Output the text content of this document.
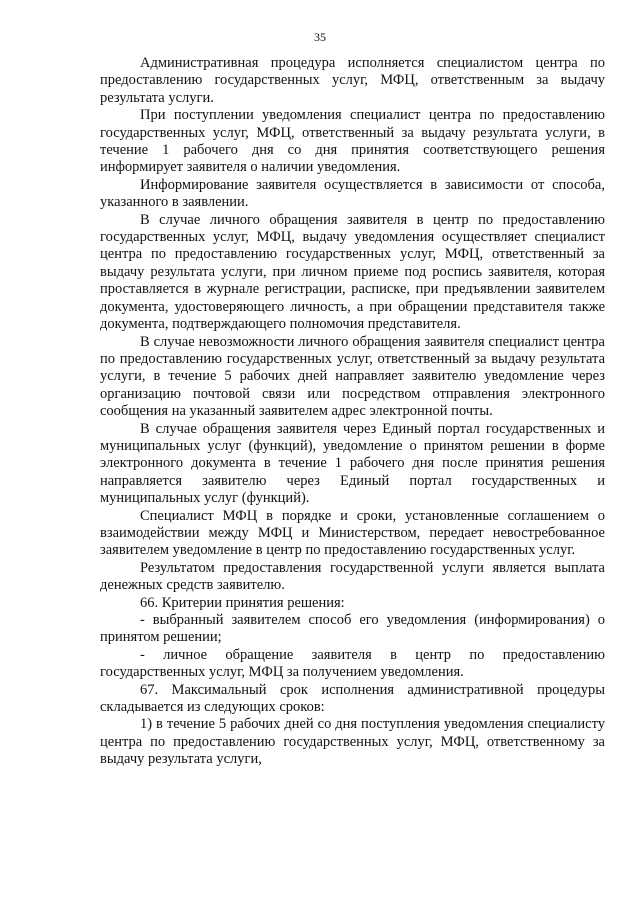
35

Административная процедура исполняется специалистом центра по предоставлению государственных услуг, МФЦ, ответственным за выдачу результата услуги.

При поступлении уведомления специалист центра по предоставлению государственных услуг, МФЦ, ответственный за выдачу результата услуги, в течение 1 рабочего дня со дня принятия соответствующего решения информирует заявителя о наличии уведомления.

Информирование заявителя осуществляется в зависимости от способа, указанного в заявлении.

В случае личного обращения заявителя в центр по предоставлению государственных услуг, МФЦ, выдачу уведомления осуществляет специалист центра по предоставлению государственных услуг, МФЦ, ответственный за выдачу результата услуги, при личном приеме под роспись заявителя, которая проставляется в журнале регистрации, расписке, при предъявлении заявителем документа, удостоверяющего личность, а при обращении представителя также документа, подтверждающего полномочия представителя.

В случае невозможности личного обращения заявителя специалист центра по предоставлению государственных услуг, ответственный за выдачу результата услуги, в течение 5 рабочих дней направляет заявителю уведомление через организацию почтовой связи или посредством отправления электронного сообщения на указанный заявителем адрес электронной почты.

В случае обращения заявителя через Единый портал государственных и муниципальных услуг (функций), уведомление о принятом решении в форме электронного документа в течение 1 рабочего дня после принятия решения направляется заявителю через Единый портал государственных и муниципальных услуг (функций).

Специалист МФЦ в порядке и сроки, установленные соглашением о взаимодействии между МФЦ и Министерством, передает невостребованное заявителем уведомление в центр по предоставлению государственных услуг.

Результатом предоставления государственной услуги является выплата денежных средств заявителю.

66. Критерии принятия решения:

- выбранный заявителем способ его уведомления (информирования) о принятом решении;

- личное обращение заявителя в центр по предоставлению государственных услуг, МФЦ за получением уведомления.

67. Максимальный срок исполнения административной процедуры складывается из следующих сроков:

1) в течение 5 рабочих дней со дня поступления уведомления специалисту центра по предоставлению государственных услуг, МФЦ, ответственному за выдачу результата услуги,
